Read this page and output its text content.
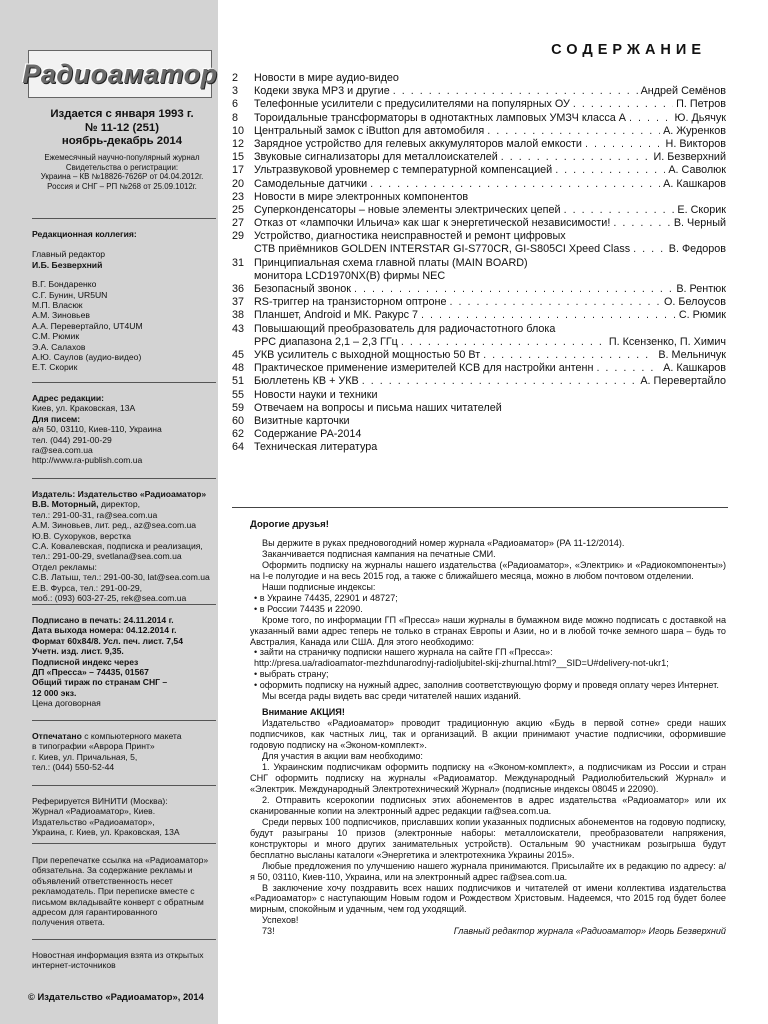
Радиоаматор
Издается с января 1993 г.
№ 11-12 (251)
ноябрь-декабрь 2014
Ежемесячный научно-популярный журнал
Свидетельства о регистрации:
Украина – КВ №18826-7626Р от 04.04.2012г.
Россия и СНГ – РП №268 от 25.09.1012г.
Редакционная коллегия:
Главный редактор
И.Б. Безверхний
В.Г. Бондаренко
С.Г. Бунин, UR5UN
М.П. Власюк
А.М. Зиновьев
А.А. Перевертайло, UT4UM
С.М. Рюмик
Э.А. Салахов
А.Ю. Саулов (аудио-видео)
Е.Т. Скорик
Адрес редакции:
Киев, ул. Краковская, 13А
Для писем:
а/я 50, 03110, Киев-110, Украина
тел. (044) 291-00-29
ra@sea.com.ua
http://www.ra-publish.com.ua
Издатель: Издательство «Радиоаматор»
В.В. Моторный, директор,
тел.: 291-00-31, ra@sea.com.ua
А.М. Зиновьев, лит. ред., az@sea.com.ua
Ю.В. Сухоруков, верстка
С.А. Ковалевская, подписка и реализация,
тел.: 291-00-29, svetlana@sea.com.ua
Отдел рекламы:
С.В. Латыш, тел.: 291-00-30, lat@sea.com.ua
Е.В. Фурса, тел.: 291-00-29,
моб.: (093) 603-27-25, rek@sea.com.ua
Подписано в печать: 24.11.2014 г.
Дата выхода номера: 04.12.2014 г.
Формат 60х84/8. Усл. печ. лист. 7,54
Учетн. изд. лист. 9,35.
Подписной индекс через
ДП «Пресса» – 74435, 01567
Общий тираж по странам СНГ –
12 000 экз.
Цена договорная
Отпечатано с компьютерного макета
в типографии «Аврора Принт»
г. Киев, ул. Причальная, 5,
тел.: (044) 550-52-44
Реферируется ВИНИТИ (Москва):
Журнал «Радиоаматор», Киев.
Издательство «Радиоаматор»,
Украина, г. Киев, ул. Краковская, 13А
При перепечатке ссылка на «Радиоаматор»
обязательна. За содержание рекламы и
объявлений ответственность несет
рекламодатель. При переписке вместе с
письмом вкладывайте конверт с обратным
адресом для гарантированного
получения ответа.
Новостная информация взята из открытых
интернет-источников
© Издательство «Радиоаматор», 2014
СОДЕРЖАНИЕ
2	Новости в мире аудио-видео
3	Кодеки звука MP3 и другие . . .	Андрей Семёнов
6	Телефонные усилители с предусилителями на популярных ОУ . . .	П. Петров
8	Тороидальные трансформаторы в однотактных ламповых УМЗЧ класса А . . .	Ю. Дьячук
10 Центральный замок с iButton для автомобиля . . .	А. Журенков
12 Зарядное устройство для гелевых аккумуляторов малой емкости . . .	Н. Викторов
15 Звуковые сигнализаторы для металлоискателей . . .	И. Безверхний
17 Ультразвуковой уровнемер с температурной компенсацией . . .	А. Саволюк
20 Самодельные датчики . . .	А. Кашкаров
23 Новости в мире электронных компонентов
25 Суперконденсаторы – новые элементы электрических цепей . . .	Е. Скорик
27 Отказ от «лампочки Ильича» как шаг к энергетической независимости! . . .	В. Черный
29 Устройство, диагностика неисправностей и ремонт цифровых
СТВ приёмников GOLDEN INTERSTAR GI-S770CR, GI-S805CI Xpeed Class . . .	В. Федоров
31 Принципиальная схема главной платы (MAIN BOARD)
монитора LCD1970NX(B) фирмы NEC
36 Безопасный звонок . . .	В. Рентюк
37 RS-триггер на транзисторном оптроне . . .	О. Белоусов
38 Планшет, Android и МК. Ракурс 7 . . .	С. Рюмик
43 Повышающий преобразователь для радиочастотного блока
РРС диапазона 2,1 – 2,3 ГГц . . .	П. Ксензенко, П. Химич
45 УКВ усилитель с выходной мощностью 50 Вт . . .	В. Мельничук
48 Практическое применение измерителей КСВ для настройки антенн . . .	А. Кашкаров
51 Бюллетень КВ + УКВ . . .	А. Перевертайло
55 Новости науки и техники
59 Отвечаем на вопросы и письма наших читателей
60 Визитные карточки
62 Содержание РА-2014
64 Техническая литература

Дорогие друзья!

Вы держите в руках предновогодний номер журнала «Радиоаматор» (РА 11-12/2014).

Заканчивается подписная кампания на печатные СМИ.

Оформить подписку на журналы нашего издательства («Радиоаматор», «Электрик» и «Радиокомпоненты») на I-е полугодие и на весь 2015 год, а также с ближайшего месяца, можно в любом почтовом отделении.

Наши подписные индексы:

• в Украине 74435, 22901 и 48727;

• в России 74435 и 22090.

Кроме того, по информации ГП «Пресса» наши журналы в бумажном виде можно подписать с доставкой на указанный вами адрес теперь не только в странах Европы и Азии, но и в любой точке земного шара – будь то Австралия, Канада или США. Для этого необходимо:

• зайти на страничку подписки нашего журнала на сайте ГП «Пресса»:

http://presa.ua/radioamator-mezhdunarodnyj-radioljubitel-skij-zhurnal.html?__SID=U#delivery-not-ukr1;

• выбрать страну;

• оформить подписку на нужный адрес, заполнив соответствующую форму и проведя оплату через Интернет.

Мы всегда рады видеть вас среди читателей наших изданий.

Внимание АКЦИЯ!

Издательство «Радиоаматор» проводит традиционную акцию «Будь в первой сотне» среди наших подписчиков, как частных лиц, так и организаций. В акции принимают участие подписчики, оформившие годовую подписку на «Эконом-комплект».

Для участия в акции вам необходимо:

1. Украинским подписчикам оформить подписку на «Эконом-комплект», а подписчикам из России и стран СНГ оформить подписку на журналы «Радиоаматор. Международный Радиолюбительский Журнал» и «Электрик. Международный Электротехнический Журнал» (подписные индексы 08045 и 22090).

2. Отправить ксерокопии подписных этих абонементов в адрес издательства «Радиоаматор» или их сканированные копии на электронный адрес редакции ra@sea.com.ua.

Среди первых 100 подписчиков, приславших копии указанных подписных абонементов на годовую подписку, будут разыграны 10 призов (электронные наборы: металлоискатели, преобразователи напряжения, конструкторы и много других занимательных устройств). Остальным 90 участникам розыгрыша будут бесплатно высланы каталоги «Энергетика и электротехника Украины 2015».

Любые предложения по улучшению нашего журнала принимаются. Присылайте их в редакцию по адресу: а/я 50, 03110, Киев-110, Украина, или на электронный адрес ra@sea.com.ua.

В заключение хочу поздравить всех наших подписчиков и читателей от имени коллектива издательства «Радиоаматор» с наступающим Новым годом и Рождеством Христовым. Надеемся, что 2015 год будет более мирным, спокойным и удачным, чем год уходящий.

Успехов!

73!	Главный редактор журнала «Радиоаматор» Игорь Безверхний
